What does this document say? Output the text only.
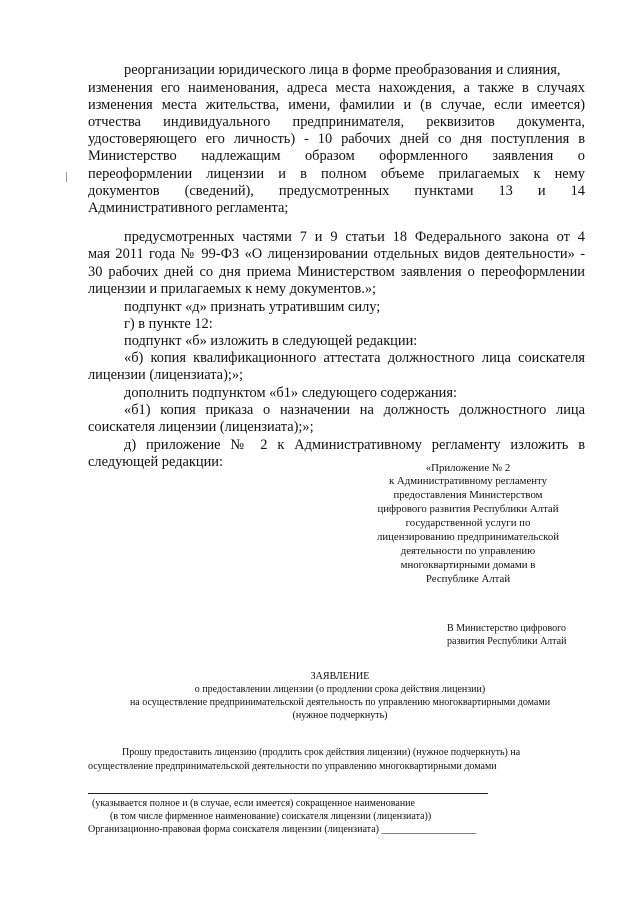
реорганизации юридического лица в форме преобразования и слияния,
изменения его наименования, адреса места нахождения, а также в случаях
изменения места жительства, имени, фамилии и (в случае, если имеется)
отчества индивидуального предпринимателя, реквизитов документа,
удостоверяющего его личность) - 10 рабочих дней со дня поступления в
Министерство надлежащим образом оформленного заявления о
переоформлении лицензии и в полном объеме прилагаемых к нему
документов (сведений), предусмотренных пунктами 13 и 14
Административного регламента;
предусмотренных частями 7 и 9 статьи 18 Федерального закона от 4
мая 2011 года № 99-ФЗ «О лицензировании отдельных видов деятельности» -
30 рабочих дней со дня приема Министерством заявления о переоформлении
лицензии и прилагаемых к нему документов.»;
подпункт «д» признать утратившим силу;
г) в пункте 12:
подпункт «б» изложить в следующей редакции:
«б) копия квалификационного аттестата должностного лица соискателя
лицензии (лицензиата);»;
дополнить подпунктом «б1» следующего содержания:
«б1) копия приказа о назначении на должность должностного лица
соискателя лицензии (лицензиата);»;
д) приложение № 2 к Административному регламенту изложить в
следующей редакции:	«Приложение № 2
к Административному регламенту
предоставления Министерством
цифрового развития Республики Алтай
государственной услуги по
лицензированию предпринимательской
деятельности по управлению
многоквартирными домами в
Республике Алтай
В Министерство цифрового
развития Республики Алтай
ЗАЯВЛЕНИЕ
о предоставлении лицензии (о продлении срока действия лицензии)
на осуществление предпринимательской деятельность по управлению многоквартирными домами
(нужное подчеркнуть)
Прошу предоставить лицензию (продлить срок действия лицензии) (нужное подчеркнуть) на
осуществление предпринимательской деятельности по управлению многоквартирными домами
(указывается полное и (в случае, если имеется) сокращенное наименование
(в том числе фирменное наименование) соискателя лицензии (лицензиата))
Организационно-правовая форма соискателя лицензии (лицензиата) ___________________
